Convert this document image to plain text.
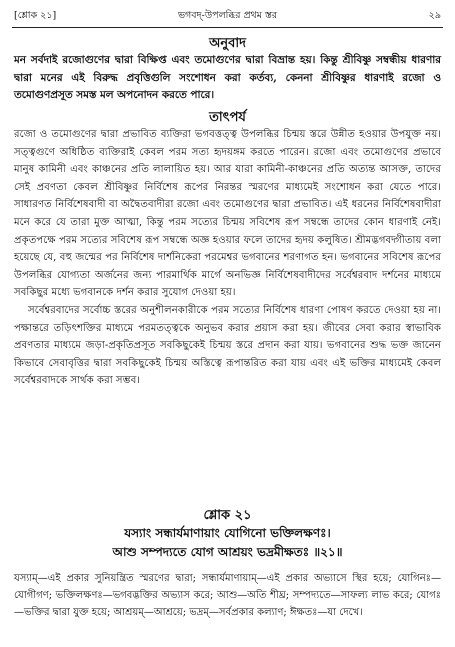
[শ্লোক ২১]	ভগবদ্-উপলব্ধির প্রথম স্তর	২৯
অনুবাদ

মন সর্বদাই রজোগুণের দ্বারা বিক্ষিপ্ত এবং তমোগুণের দ্বারা বিভ্রান্ত হয়। কিন্তু শ্রীবিষ্ণু সম্বন্ধীয় ধারণার দ্বারা মনের এই বিরুদ্ধ প্রবৃত্তিগুলি সংশোধন করা কর্তব্য, কেননা শ্রীবিষ্ণুর ধারণাই রজো ও তমোগুণপ্রসূত সমস্ত মল অপনোদন করতে পারে।

তাৎপর্য

রজো ও তমোগুণের দ্বারা প্রভাবিত ব্যক্তিরা ভগবত্তত্ত্ব উপলব্ধির চিন্ময় স্তরে উন্নীত হওয়ার উপযুক্ত নয়। সত্ত্বগুণে অধিষ্ঠিত ব্যক্তিরাই কেবল পরম সত্য হৃদয়ঙ্গম করতে পারেন। রজো এবং তমোগুণের প্রভাবে মানুষ কামিনী এবং কাঞ্চনের প্রতি লালায়িত হয়। আর যারা কামিনী-কাঞ্চনের প্রতি অত্যন্ত আসক্ত, তাদের সেই প্রবণতা কেবল শ্রীবিষ্ণুর নির্বিশেষ রূপের নিরন্তর স্মরণের মাধ্যমেই সংশোধন করা যেতে পারে। সাধারণত নির্বিশেষবাদী বা অদ্বৈতবাদীরা রজো এবং তমোগুণের দ্বারা প্রভাবিত। এই ধরনের নির্বিশেষবাদীরা মনে করে যে তারা মুক্ত আত্মা, কিন্তু পরম সত্যের চিন্ময় সবিশেষ রূপ সম্বন্ধে তাদের কোন ধারণাই নেই। প্রকৃতপক্ষে পরম সত্যের সবিশেষ রূপ সম্বন্ধে অজ্ঞ হওয়ার ফলে তাদের হৃদয় কলুষিত। শ্রীমদ্ভগবদ্গীতায় বলা হয়েছে যে, বহু জন্মের পর নির্বিশেষ দার্শনিকেরা পরমেশ্বর ভগবানের শরণাগত হন। ভগবানের সবিশেষ রূপের উপলব্ধির যোগ্যতা অর্জনের জন্য পারমার্থিক মার্গে অনভিজ্ঞ নির্বিশেষবাদীদের সর্বেশ্বরবাদ দর্শনের মাধ্যমে সবকিছুর মধ্যে ভগবানকে দর্শন করার সুযোগ দেওয়া হয়।

সর্বেশ্বরবাদের সর্বোচ্চ স্তরের অনুশীলনকারীকে পরম সত্যের নির্বিশেষ ধারণা পোষণ করতে দেওয়া হয় না। পক্ষান্তরে তড়িৎশক্তির মাধ্যমে পরমতত্ত্বকে অনুভব করার প্রয়াস করা হয়। জীবের সেবা করার স্বাভাবিক প্রবণতার মাধ্যমে জড়া-প্রকৃতিপ্রসূত সবকিছুকেই চিন্ময় স্তরে প্রদান করা যায়। ভগবানের শুদ্ধ ভক্ত জানেন কিভাবে সেবাবৃত্তির দ্বারা সবকিছুকেই চিন্ময় অস্তিত্বে রূপান্তরিত করা যায় এবং এই ভক্তির মাধ্যমেই কেবল সর্বেশ্বরবাদকে সার্থক করা সম্ভব।

শ্লোক ২১
যস্যাং সন্ধার্যমাণায়াং যোগিনো ভক্তিলক্ষণঃ।
আশু সম্পদ্যতে যোগ আশ্রয়ং ভদ্রমীক্ষতঃ ॥২১॥
যস্যাম্—এই প্রকার সুনিয়ন্ত্রিত স্মরণের দ্বারা; সন্ধার্যমাণায়াম্—এই প্রকার অভ্যাসে স্থির হয়ে; যোগিনঃ—যোগীগণ; ভক্তিলক্ষণঃ—ভগবদ্ভক্তির অভ্যাস করে; আশু—অতি শীঘ্র; সম্পদ্যতে—সাফল্য লাভ করে; যোগঃ—ভক্তির দ্বারা যুক্ত হয়ে; আশ্রয়ম্—আশ্রয়ে; ভদ্রম্—সর্বপ্রকার কল্যাণ; ঈক্ষতঃ—যা দেখে।
